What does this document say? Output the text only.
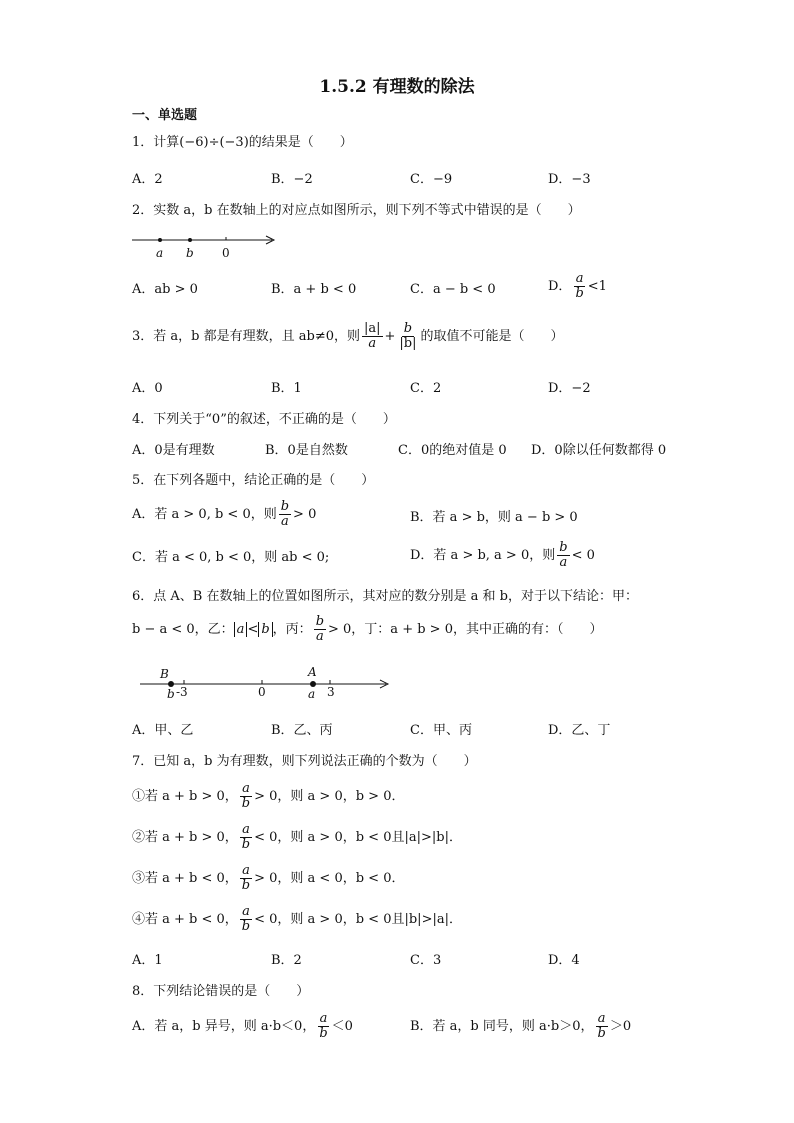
1.5.2 有理数的除法
一、单选题
1．计算(−6)÷(−3)的结果是（　　）
A．2	B．−2	C．−9	D．−3
2．实数 a，b 在数轴上的对应点如图所示，则下列不等式中错误的是（　　）
a b 0
A．ab > 0	B．a + b < 0	C．a − b < 0	D． $\frac{a}{b} <1$
3．若 a，b 都是有理数，且 ab≠0，则 $\frac{|a|}{a} + \frac{b}{|b|}$ 的取值不可能是（　　）
A．0	B．1	C．2	D．−2
4．下列关于“0”的叙述，不正确的是（　　）
A．0是有理数	B．0是自然数	C．0的绝对值是 0 D．0除以任何数都得 0
5．在下列各题中，结论正确的是（　　）
A．若 a > 0, b < 0，则 $\frac{b}{a} > 0$	B．若 a > b，则 a − b > 0
C．若 a < 0, b < 0，则 ab < 0;	D．若 a > b, a > 0，则 $\frac{b}{a} < 0$
6．点 A、B 在数轴上的位置如图所示，其对应的数分别是 a 和 b，对于以下结论：甲：
b − a < 0，乙： a < b ，丙： $\frac{b}{a} > 0$，丁：a + b > 0，其中正确的有：（　　）
B
b -3	0
A
a 3
A．甲、乙	B．乙、丙	C．甲、丙	D．乙、丁
7．已知 a，b 为有理数，则下列说法正确的个数为（　　）
①若 a + b > 0， $\frac{a}{b} > 0$，则 a > 0，b > 0．
②若 a + b > 0， $\frac{a}{b} < 0$，则 a > 0，b < 0且|a|>|b|．
③若 a + b < 0， $\frac{a}{b} > 0$，则 a < 0，b < 0．
④若 a + b < 0， $\frac{a}{b} < 0$，则 a > 0，b < 0且|b|>|a|．
A．1	B．2	C．3	D．4
8．下列结论错误的是（　　）
A．若 a，b 异号，则 a·b＜0， $\frac{a}{b} <0$	B．若 a，b 同号，则 a·b＞0， $\frac{a}{b} >0$
